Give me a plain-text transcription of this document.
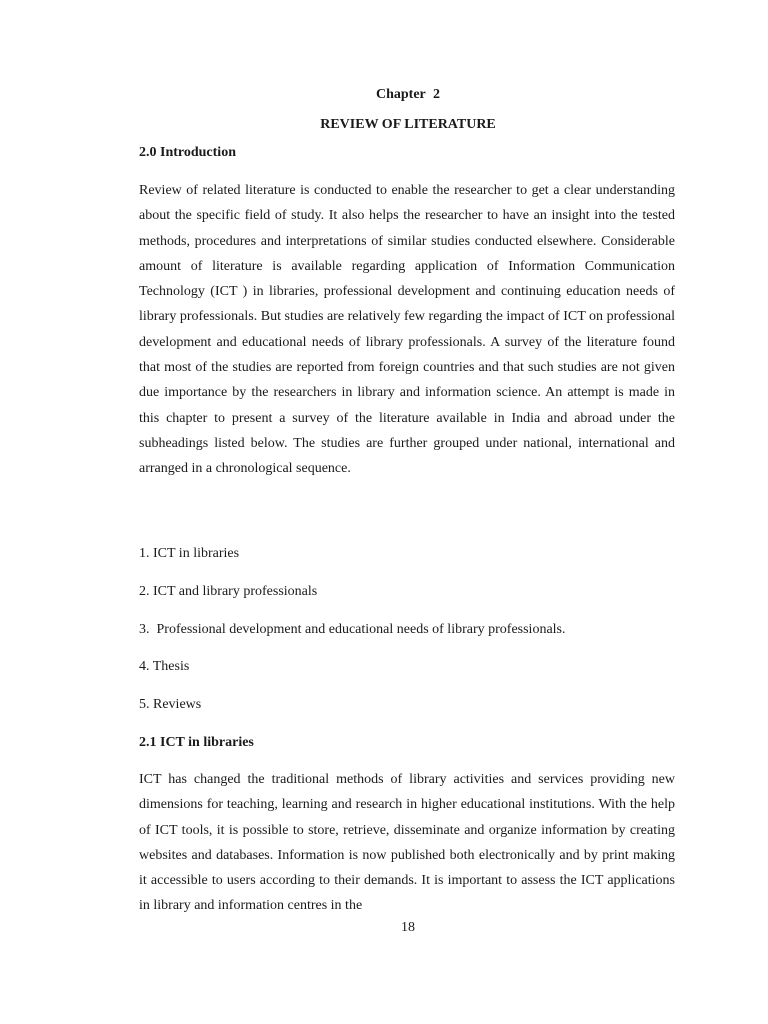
Chapter 2
REVIEW OF LITERATURE
2.0 Introduction

Review of related literature is conducted to enable the researcher to get a clear understanding about the specific field of study. It also helps the researcher to have an insight into the tested methods, procedures and interpretations of similar studies conducted elsewhere. Considerable amount of literature is available regarding application of Information Communication Technology (ICT ) in libraries, professional development and continuing education needs of library professionals. But studies are relatively few regarding the impact of ICT on professional development and educational needs of library professionals. A survey of the literature found that most of the studies are reported from foreign countries and that such studies are not given due importance by the researchers in library and information science. An attempt is made in this chapter to present a survey of the literature available in India and abroad under the subheadings listed below. The studies are further grouped under national, international and arranged in a chronological sequence.

1. ICT in libraries
2. ICT and library professionals
3.  Professional development and educational needs of library professionals.
4. Thesis
5. Reviews
2.1 ICT in libraries

ICT has changed the traditional methods of library activities and services providing new dimensions for teaching, learning and research in higher educational institutions. With the help of ICT tools, it is possible to store, retrieve, disseminate and organize information by creating websites and databases. Information is now published both electronically and by print making it accessible to users according to their demands. It is important to assess the ICT applications in library and information centres in the

18
